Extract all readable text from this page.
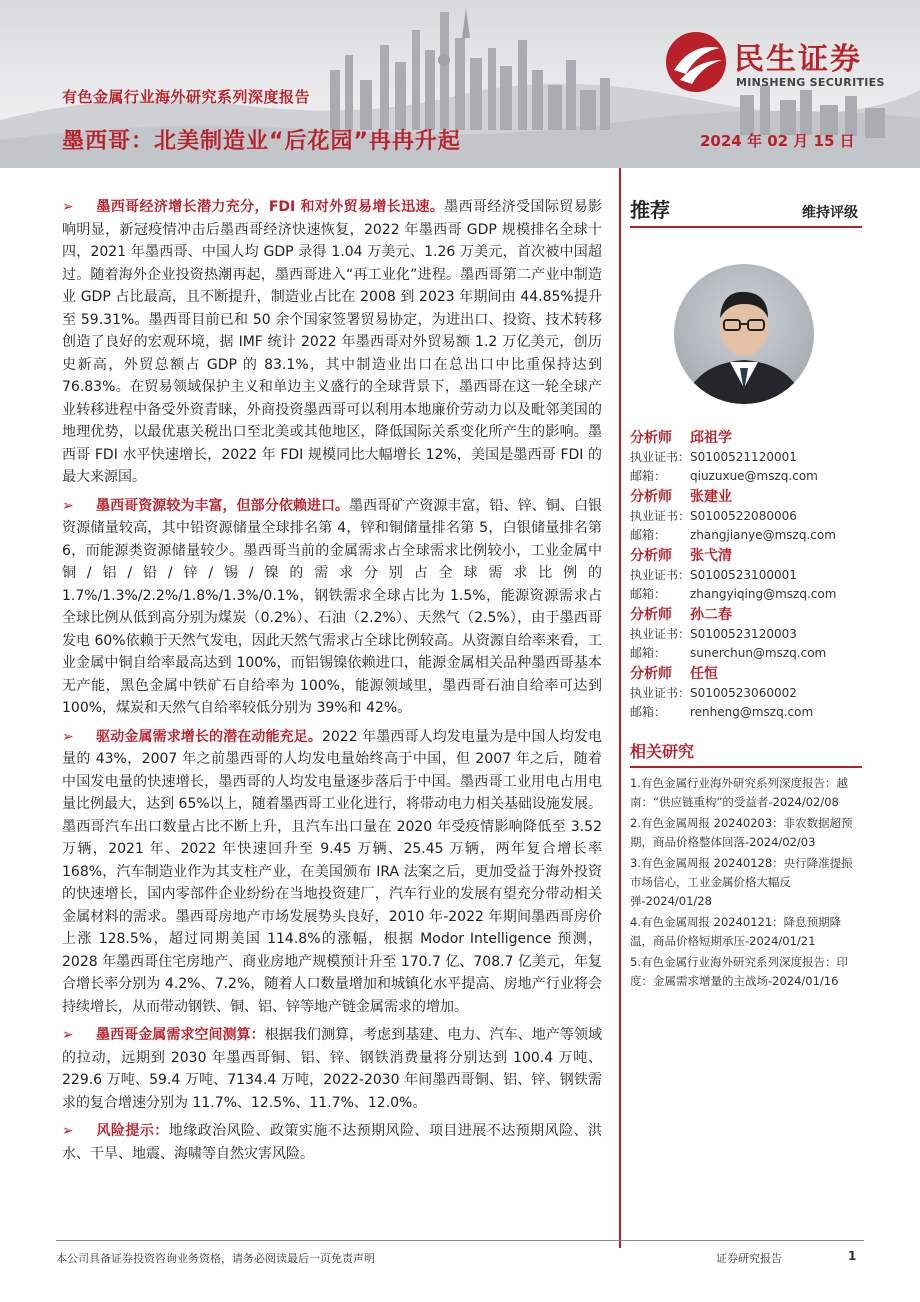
民生证券
MINSHENG SECURITIES
有色金属行业海外研究系列深度报告
墨西哥：北美制造业“后花园”冉冉升起	2024 年 02 月 15 日

➢ 墨西哥经济增长潜力充分，FDI 和对外贸易增长迅速。墨西哥经济受国际贸易影响明显，新冠疫情冲击后墨西哥经济快速恢复，2022 年墨西哥 GDP 规模排名全球十四，2021 年墨西哥、中国人均 GDP 录得 1.04 万美元、1.26 万美元，首次被中国超过。随着海外企业投资热潮再起，墨西哥进入“再工业化”进程。墨西哥第二产业中制造业 GDP 占比最高，且不断提升，制造业占比在 2008 到 2023 年期间由 44.85%提升至 59.31%。墨西哥目前已和 50 余个国家签署贸易协定，为进出口、投资、技术转移创造了良好的宏观环境，据 IMF 统计 2022 年墨西哥对外贸易额 1.2 万亿美元，创历史新高，外贸总额占 GDP 的 83.1%，其中制造业出口在总出口中比重保持达到 76.83%。在贸易领域保护主义和单边主义盛行的全球背景下，墨西哥在这一轮全球产业转移进程中备受外资青睐，外商投资墨西哥可以利用本地廉价劳动力以及毗邻美国的地理优势，以最优惠关税出口至北美或其他地区，降低国际关系变化所产生的影响。墨西哥 FDI 水平快速增长，2022 年 FDI 规模同比大幅增长 12%，美国是墨西哥 FDI 的最大来源国。

➢ 墨西哥资源较为丰富，但部分依赖进口。墨西哥矿产资源丰富，铅、锌、铜、白银资源储量较高，其中铅资源储量全球排名第 4，锌和铜储量排名第 5，白银储量排名第 6，而能源类资源储量较少。墨西哥当前的金属需求占全球需求比例较小，工业金属中铜/铝/铅/锌/锡/镍的需求分别占全球需求比例的 1.7%/1.3%/2.2%/1.8%/1.3%/0.1%，钢铁需求全球占比为 1.5%，能源资源需求占全球比例从低到高分别为煤炭（0.2%）、石油（2.2%）、天然气（2.5%），由于墨西哥发电 60%依赖于天然气发电，因此天然气需求占全球比例较高。从资源自给率来看，工业金属中铜自给率最高达到 100%，而铝锡镍依赖进口，能源金属相关品种墨西哥基本无产能，黑色金属中铁矿石自给率为 100%，能源领域里，墨西哥石油自给率可达到 100%，煤炭和天然气自给率较低分别为 39%和 42%。

➢ 驱动金属需求增长的潜在动能充足。2022 年墨西哥人均发电量为是中国人均发电量的 43%，2007 年之前墨西哥的人均发电量始终高于中国，但 2007 年之后，随着中国发电量的快速增长，墨西哥的人均发电量逐步落后于中国。墨西哥工业用电占用电量比例最大，达到 65%以上，随着墨西哥工业化进行，将带动电力相关基础设施发展。墨西哥汽车出口数量占比不断上升，且汽车出口量在 2020 年受疫情影响降低至 3.52 万辆，2021 年、2022 年快速回升至 9.45 万辆、25.45 万辆，两年复合增长率 168%，汽车制造业作为其支柱产业，在美国颁布 IRA 法案之后，更加受益于海外投资的快速增长，国内零部件企业纷纷在当地投资建厂，汽车行业的发展有望充分带动相关金属材料的需求。墨西哥房地产市场发展势头良好，2010 年-2022 年期间墨西哥房价上涨 128.5%，超过同期美国 114.8%的涨幅，根据 Modor Intelligence 预测，2028 年墨西哥住宅房地产、商业房地产规模预计升至 170.7 亿、708.7 亿美元，年复合增长率分别为 4.2%、7.2%，随着人口数量增加和城镇化水平提高、房地产行业将会持续增长，从而带动钢铁、铜、铝、锌等地产链金属需求的增加。

➢ 墨西哥金属需求空间测算：根据我们测算，考虑到基建、电力、汽车、地产等领域的拉动，远期到 2030 年墨西哥铜、铝、锌、钢铁消费量将分别达到 100.4 万吨、229.6 万吨、59.4 万吨、7134.4 万吨，2022-2030 年间墨西哥铜、铝、锌、钢铁需求的复合增速分别为 11.7%、12.5%、11.7%、12.0%。

➢ 风险提示：地缘政治风险、政策实施不达预期风险、项目进展不达预期风险、洪水、干旱、地震、海啸等自然灾害风险。

推荐	维持评级
分析师	邱祖学
执业证书： S0100521120001
邮箱：	qiuzuxue@mszq.com
分析师	张建业
执业证书： S0100522080006
邮箱：	zhangjianye@mszq.com
分析师	张弋清
执业证书： S0100523100001
邮箱：	zhangyiqing@mszq.com
分析师	孙二春
执业证书： S0100523120003
邮箱：	sunerchun@mszq.com
分析师	任恒
执业证书： S0100523060002
邮箱：	renheng@mszq.com
相关研究
1.有色金属行业海外研究系列深度报告：越南：“供应链重构”的受益者-2024/02/08
2.有色金属周报 20240203：非农数据超预期，商品价格整体回落-2024/02/03
3.有色金属周报 20240128：央行降准提振市场信心，工业金属价格大幅反弹-2024/01/28
4.有色金属周报 20240121：降息预期降温，商品价格短期承压-2024/01/21
5.有色金属行业海外研究系列深度报告：印度：金属需求增量的主战场-2024/01/16
本公司具备证券投资咨询业务资格，请务必阅读最后一页免责声明	证券研究报告	1
